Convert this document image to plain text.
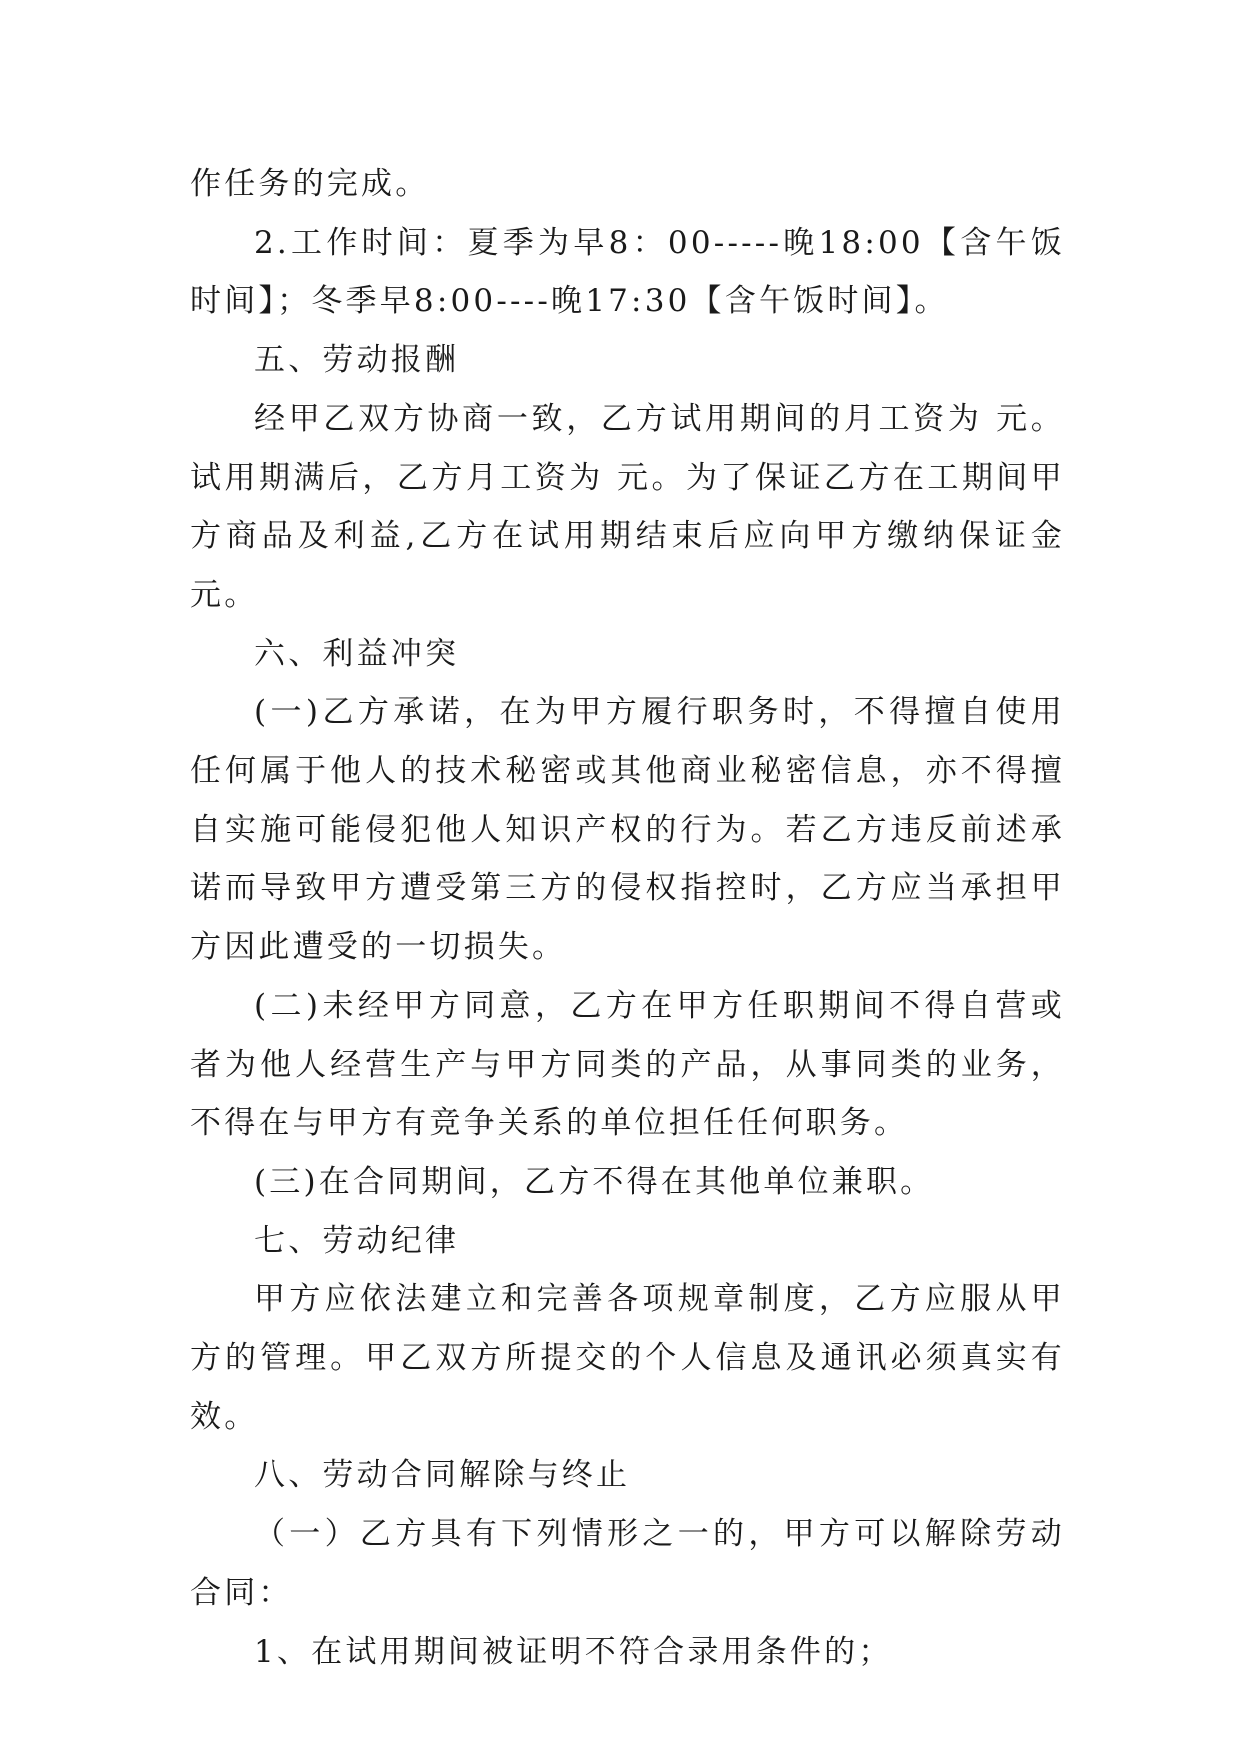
作任务的完成。

2.工作时间：夏季为早8：00-----晚18:00【含午饭时间】；冬季早8:00----晚17:30【含午饭时间】。

五、劳动报酬

经甲乙双方协商一致，乙方试用期间的月工资为 元。试用期满后，乙方月工资为 元。为了保证乙方在工期间甲方商品及利益,乙方在试用期结束后应向甲方缴纳保证金元。

六、利益冲突

(一)乙方承诺，在为甲方履行职务时，不得擅自使用任何属于他人的技术秘密或其他商业秘密信息，亦不得擅自实施可能侵犯他人知识产权的行为。若乙方违反前述承诺而导致甲方遭受第三方的侵权指控时，乙方应当承担甲方因此遭受的一切损失。

(二)未经甲方同意，乙方在甲方任职期间不得自营或者为他人经营生产与甲方同类的产品，从事同类的业务，不得在与甲方有竞争关系的单位担任任何职务。

(三)在合同期间，乙方不得在其他单位兼职。

七、劳动纪律

甲方应依法建立和完善各项规章制度，乙方应服从甲方的管理。甲乙双方所提交的个人信息及通讯必须真实有效。

八、劳动合同解除与终止

（一）乙方具有下列情形之一的，甲方可以解除劳动合同：

1、在试用期间被证明不符合录用条件的；
